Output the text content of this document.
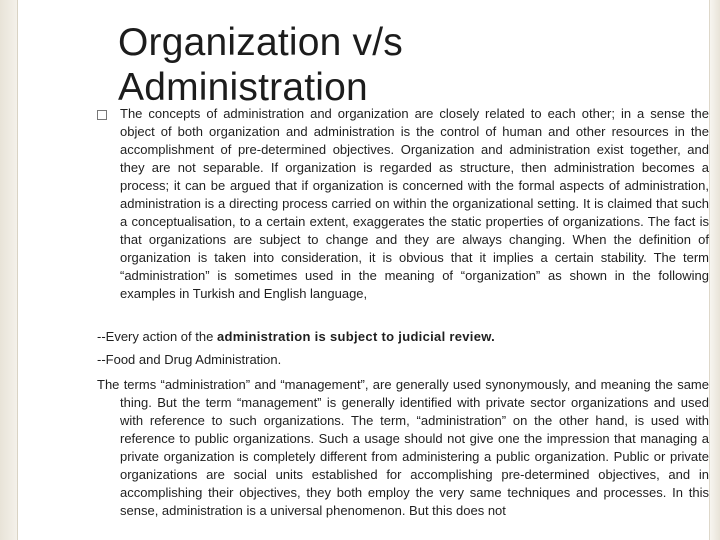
Organization v/s
Administration

The concepts of administration and organization are closely related to each other; in a sense the object of both organization and administration is the control of human and other resources in the accomplishment of pre-determined objectives. Organization and administration exist together, and they are not separable. If organization is regarded as structure, then administration becomes a process; it can be argued that if organization is concerned with the formal aspects of administration, administration is a directing process carried on within the organizational setting. It is claimed that such a conceptualisation, to a certain extent, exaggerates the static properties of organizations. The fact is that organizations are subject to change and they are always changing. When the definition of organization is taken into consideration, it is obvious that it implies a certain stability. The term “administration” is sometimes used in the meaning of “organization” as shown in the following examples in Turkish and English language,

--Every action of the administration is subject to judicial review.

--Food and Drug Administration.

The terms “administration” and “management”, are generally used synonymously, and meaning the same thing. But the term “management” is generally identified with private sector organizations and used with reference to such organizations. The term, “administration” on the other hand, is used with reference to public organizations. Such a usage should not give one the impression that managing a private organization is completely different from administering a public organization. Public or private organizations are social units established for accomplishing pre-determined objectives, and in accomplishing their objectives, they both employ the very same techniques and processes. In this sense, administration is a universal phenomenon. But this does not
